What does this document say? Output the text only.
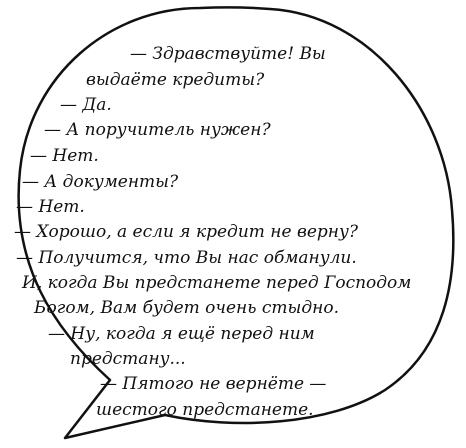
— Здравствуйте! Вы
выдаёте кредиты?
— Да.
— А поручитель нужен?
— Нет.
— А документы?
— Нет.
— Хорошо, а если я кредит не верну?
— Получится, что Вы нас обманули.
И, когда Вы предстанете перед Господом
Богом, Вам будет очень стыдно.
— Ну, когда я ещё перед ним
предстану...
— Пятого не вернёте —
шестого предстанете.
